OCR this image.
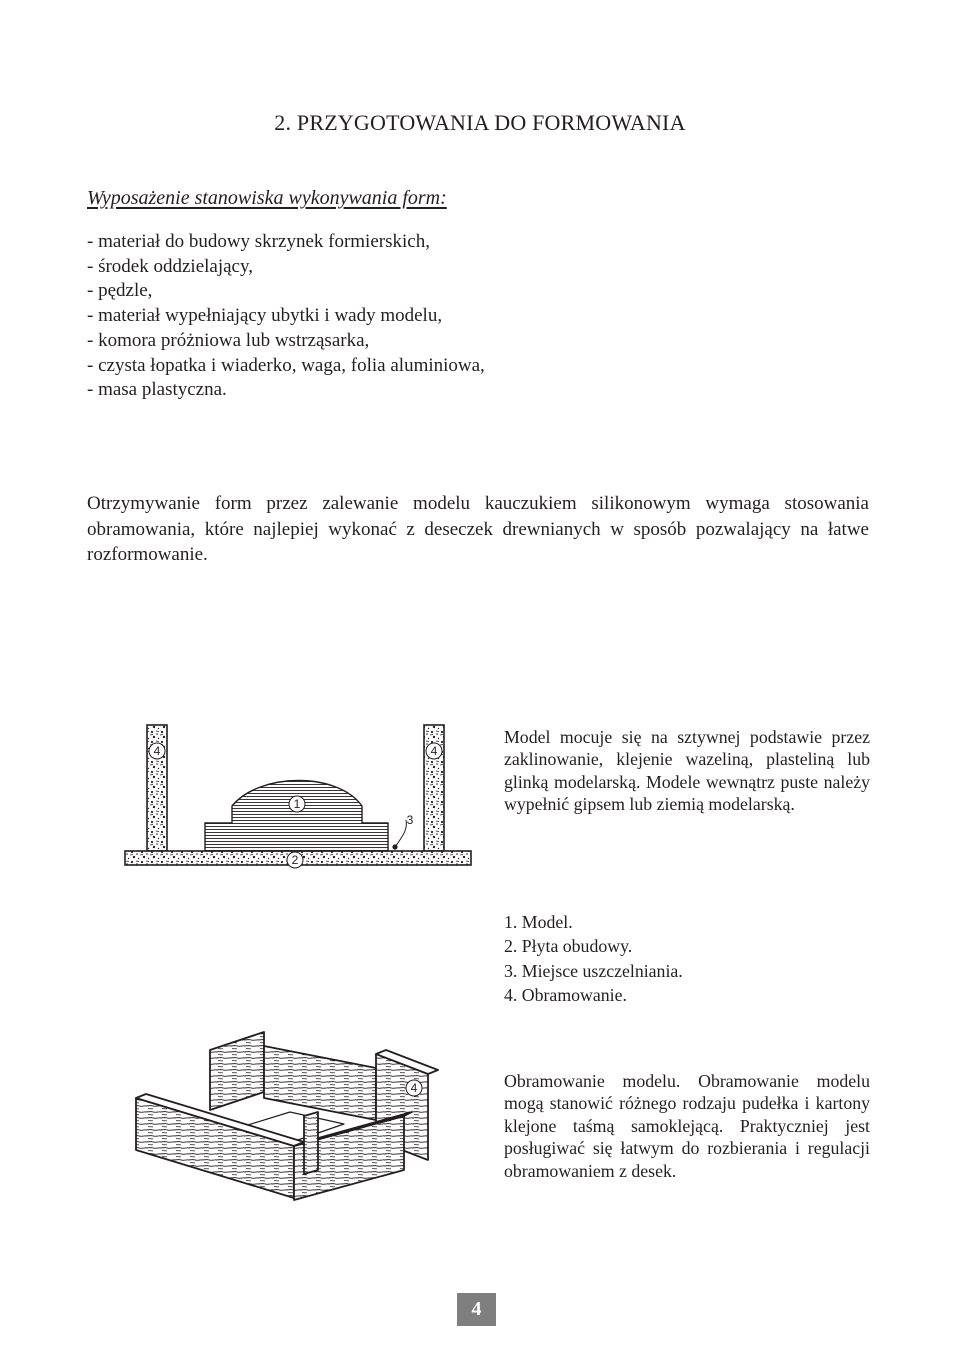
2. PRZYGOTOWANIA DO FORMOWANIA
Wyposażenie stanowiska wykonywania form:
- materiał do budowy skrzynek formierskich,
- środek oddzielający,
- pędzle,
- materiał wypełniający ubytki i wady modelu,
- komora próżniowa lub wstrząsarka,
- czysta łopatka i wiaderko, waga, folia aluminiowa,
- masa plastyczna.

Otrzymywanie form przez zalewanie modelu kauczukiem silikonowym wymaga stosowania obramowania, które najlepiej wykonać z deseczek drewnianych w sposób pozwalający na łatwe rozformowanie.

1
2
3
4	4

Model mocuje się na sztywnej podstawie przez zaklinowanie, klejenie wazeliną, plasteliną lub glinką modelarską. Modele wewnątrz puste należy wypełnić gipsem lub ziemią modelarską.

1. Model.
2. Płyta obudowy.
3. Miejsce uszczelniania.
4. Obramowanie.
4	Obramowanie modelu. Obramowanie modelu mogą stanowić różnego rodzaju pudełka i kartony klejone taśmą samoklejącą. Praktyczniej jest posługiwać się łatwym do rozbierania i regulacji obramowaniem z desek.

4
